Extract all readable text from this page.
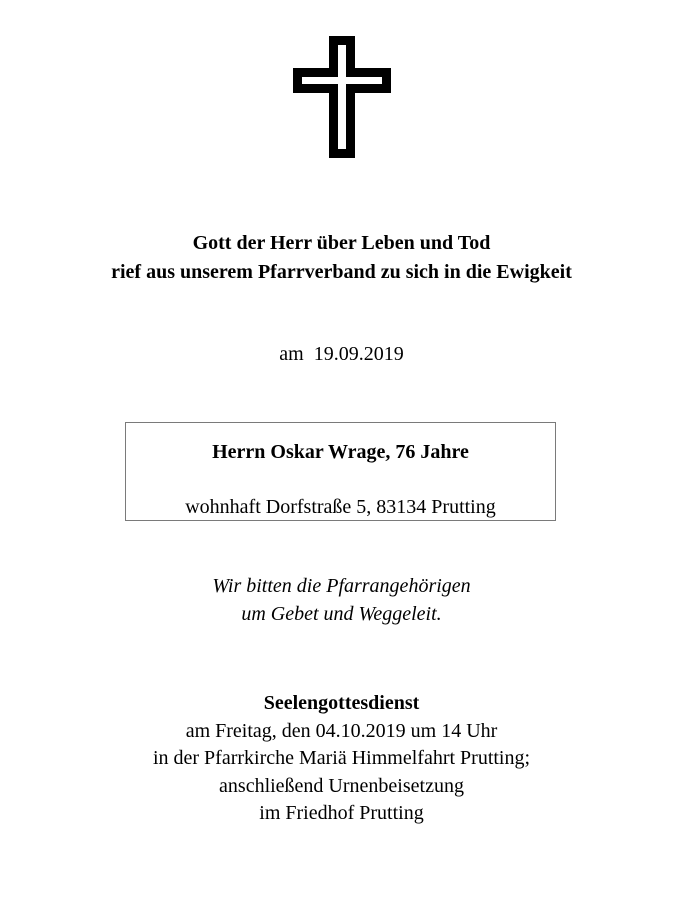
Gott der Herr über Leben und Tod
rief aus unserem Pfarrverband zu sich in die Ewigkeit
am  19.09.2019
Herrn Oskar Wrage, 76 Jahre
wohnhaft Dorfstraße 5, 83134 Prutting
Wir bitten die Pfarrangehörigen
um Gebet und Weggeleit.
Seelengottesdienst
am Freitag, den 04.10.2019 um 14 Uhr
in der Pfarrkirche Mariä Himmelfahrt Prutting;
anschließend Urnenbeisetzung
im Friedhof Prutting
